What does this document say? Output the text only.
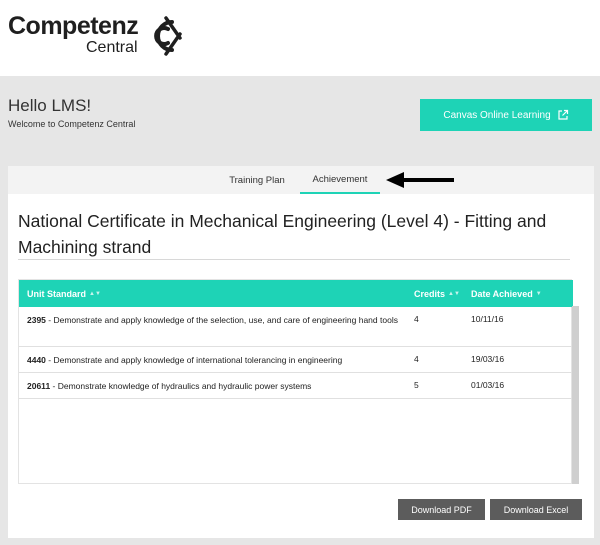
Competenz
Central
Hello LMS!
Welcome to Competenz Central
Canvas Online Learning
Training Plan	Achievement
National Certificate in Mechanical Engineering (Level 4) - Fitting and Machining strand
Unit Standard ▲▼	Credits ▲▼ Date Achieved ▼
2395 - Demonstrate and apply knowledge of the selection, use, and care of engineering hand tools	4	10/11/16
4440 - Demonstrate and apply knowledge of international tolerancing in engineering	4	19/03/16
20611 - Demonstrate knowledge of hydraulics and hydraulic power systems	5	01/03/16
Download PDF	Download Excel
